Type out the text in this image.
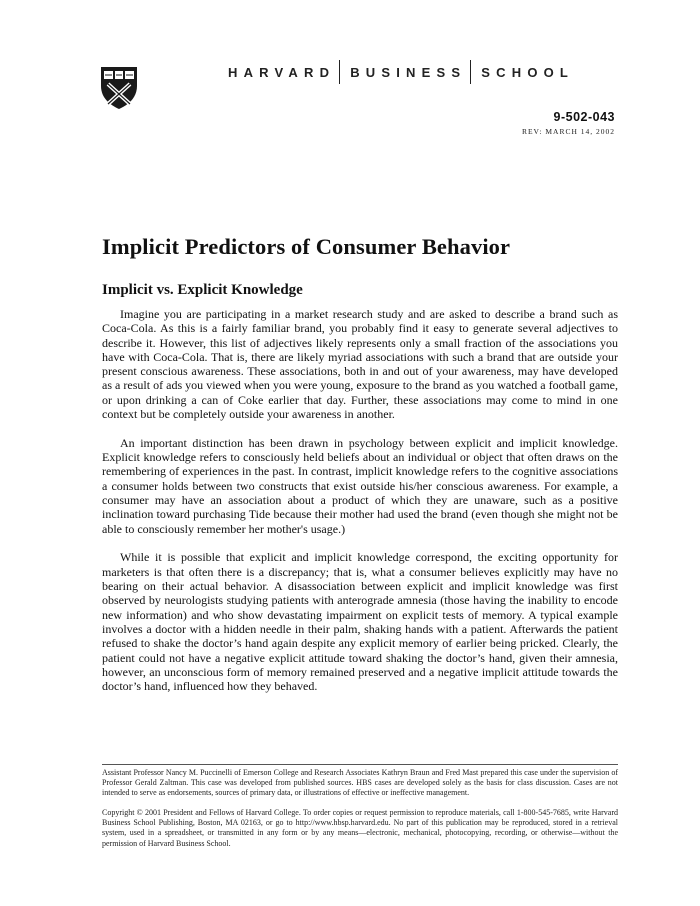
HARVARD BUSINESS SCHOOL
9-502-043
REV: MARCH 14, 2002
Implicit Predictors of Consumer Behavior
Implicit vs. Explicit Knowledge

Imagine you are participating in a market research study and are asked to describe a brand such as Coca-Cola. As this is a fairly familiar brand, you probably find it easy to generate several adjectives to describe it. However, this list of adjectives likely represents only a small fraction of the associations you have with Coca-Cola. That is, there are likely myriad associations with such a brand that are outside your present conscious awareness. These associations, both in and out of your awareness, may have developed as a result of ads you viewed when you were young, exposure to the brand as you watched a football game, or upon drinking a can of Coke earlier that day. Further, these associations may come to mind in one context but be completely outside your awareness in another.

An important distinction has been drawn in psychology between explicit and implicit knowledge. Explicit knowledge refers to consciously held beliefs about an individual or object that often draws on the remembering of experiences in the past. In contrast, implicit knowledge refers to the cognitive associations a consumer holds between two constructs that exist outside his/her conscious awareness. For example, a consumer may have an association about a product of which they are unaware, such as a positive inclination toward purchasing Tide because their mother had used the brand (even though she might not be able to consciously remember her mother's usage.)

While it is possible that explicit and implicit knowledge correspond, the exciting opportunity for marketers is that often there is a discrepancy; that is, what a consumer believes explicitly may have no bearing on their actual behavior. A disassociation between explicit and implicit knowledge was first observed by neurologists studying patients with anterograde amnesia (those having the inability to encode new information) and who show devastating impairment on explicit tests of memory. A typical example involves a doctor with a hidden needle in their palm, shaking hands with a patient. Afterwards the patient refused to shake the doctor’s hand again despite any explicit memory of earlier being pricked. Clearly, the patient could not have a negative explicit attitude toward shaking the doctor’s hand, given their amnesia, however, an unconscious form of memory remained preserved and a negative implicit attitude towards the doctor’s hand, influenced how they behaved.

Assistant Professor Nancy M. Puccinelli of Emerson College and Research Associates Kathryn Braun and Fred Mast prepared this case under the supervision of Professor Gerald Zaltman. This case was developed from published sources. HBS cases are developed solely as the basis for class discussion. Cases are not intended to serve as endorsements, sources of primary data, or illustrations of effective or ineffective management.

Copyright © 2001 President and Fellows of Harvard College. To order copies or request permission to reproduce materials, call 1-800-545-7685, write Harvard Business School Publishing, Boston, MA 02163, or go to http://www.hbsp.harvard.edu. No part of this publication may be reproduced, stored in a retrieval system, used in a spreadsheet, or transmitted in any form or by any means—electronic, mechanical, photocopying, recording, or otherwise—without the permission of Harvard Business School.
